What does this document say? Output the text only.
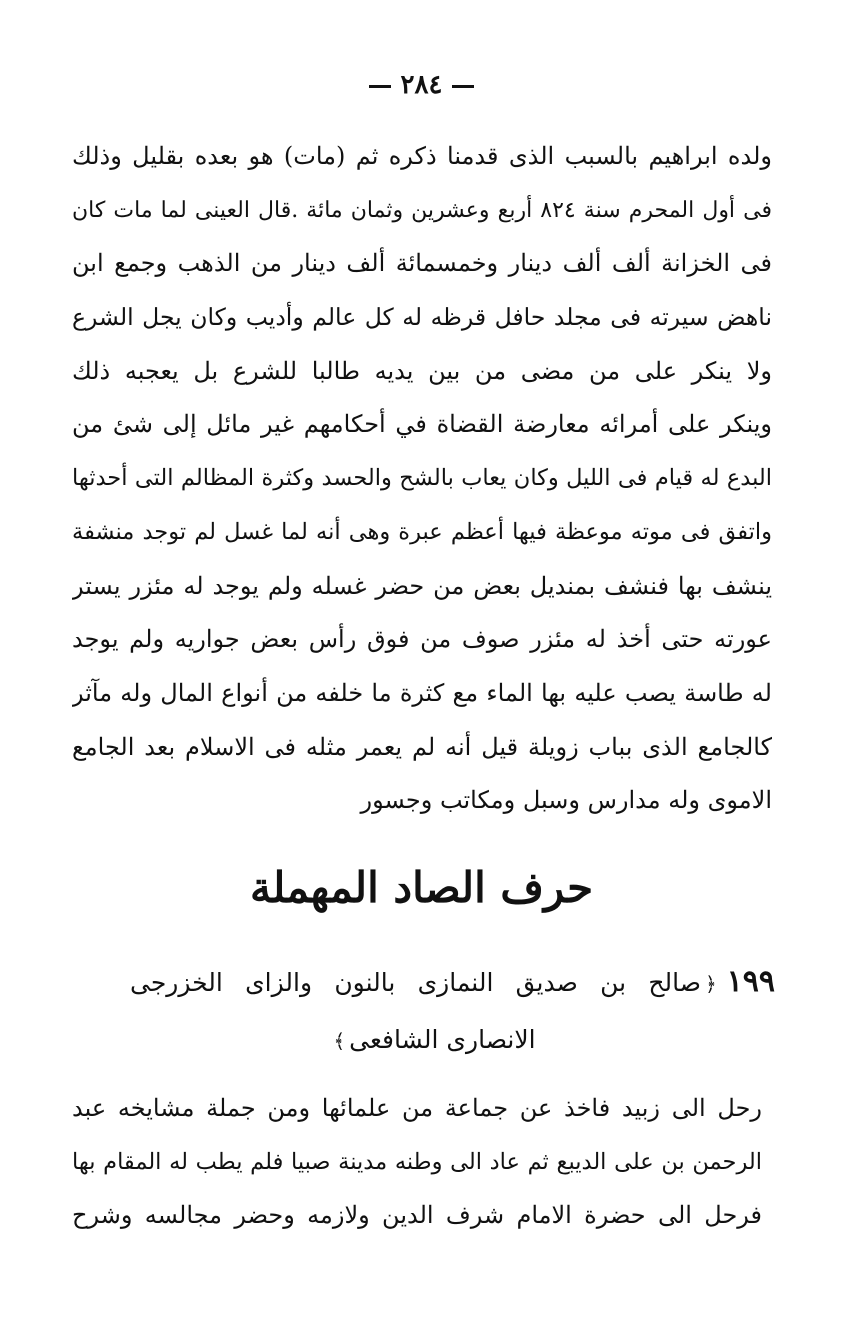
٢٨٤
ولده ابراهيم بالسبب الذى قدمنا ذكره ثم (مات) هو بعده بقليل وذلك
فى أول المحرم سنة ٨٢٤ أربع وعشرين وثمان مائة .قال العينى لما مات كان
فى الخزانة ألف ألف دينار وخمسمائة ألف دينار من الذهب وجمع ابن
ناهض سيرته فى مجلد حافل قرظه له كل عالم وأديب وكان يجل الشرع
ولا ينكر على من مضى من بين يديه طالبا للشرع بل يعجبه ذلك
وينكر على أمرائه معارضة القضاة في أحكامهم غير مائل إلى شئ من
البدع له قيام فى الليل وكان يعاب بالشح والحسد وكثرة المظالم التى أحدثها
واتفق فى موته موعظة فيها أعظم عبرة وهى أنه لما غسل لم توجد منشفة
ينشف بها فنشف بمنديل بعض من حضر غسله ولم يوجد له مئزر يستر
عورته حتى أخذ له مئزر صوف من فوق رأس بعض جواريه ولم يوجد
له طاسة يصب عليه بها الماء مع كثرة ما خلفه من أنواع المال وله مآثر
كالجامع الذى بباب زويلة قيل أنه لم يعمر مثله فى الاسلام بعد الجامع
الاموى وله مدارس وسبل ومكاتب وجسور
حرف الصاد المهملة
١٩٩﴿صالح بن صديق النمازى بالنون والزاى الخزرجى
الانصارى الشافعى﴾
رحل الى زبيد فاخذ عن جماعة من علمائها ومن جملة مشايخه عبد
الرحمن بن على الديبع ثم عاد الى وطنه مدينة صبيا فلم يطب له المقام بها
فرحل الى حضرة الامام شرف الدين ولازمه وحضر مجالسه وشرح
